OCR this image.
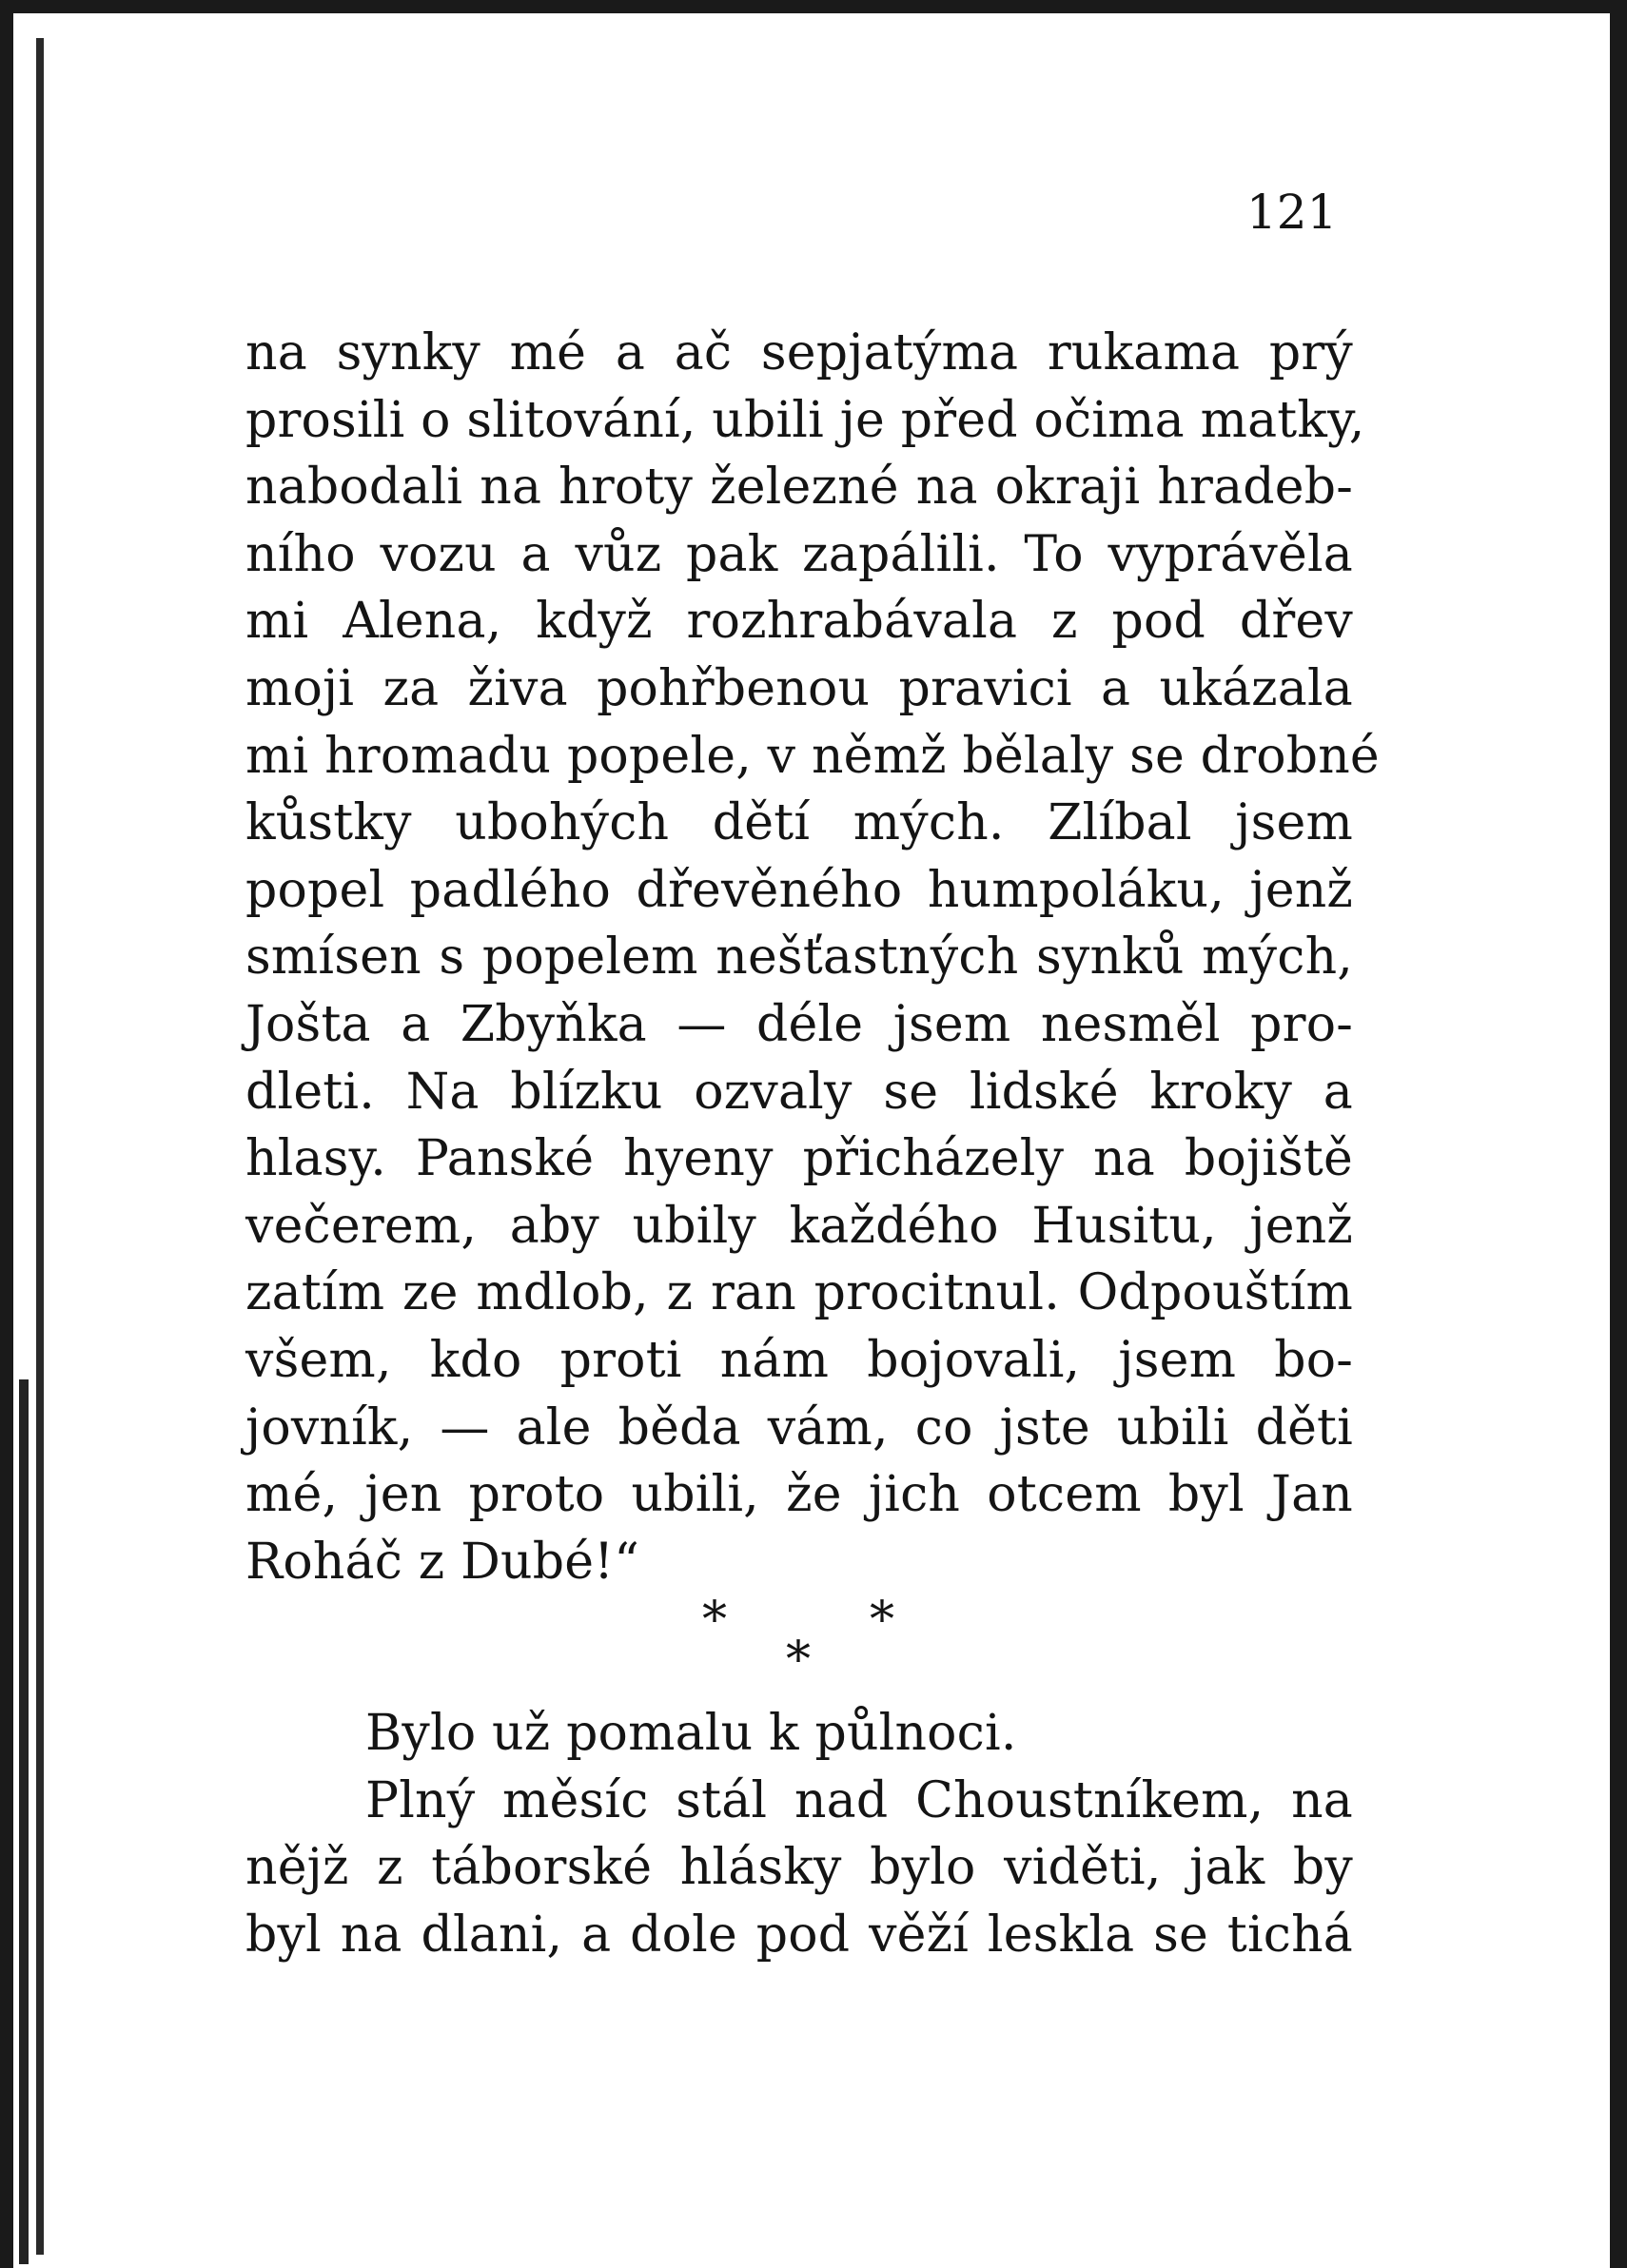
121
na synky mé a ač sepjatýma rukama prý
prosili o slitování, ubili je před očima matky,
nabodali na hroty železné na okraji hradeb-
ního vozu a vůz pak zapálili. To vyprávěla
mi Alena, když rozhrabávala z pod dřev
moji za živa pohřbenou pravici a ukázala
mi hromadu popele, v němž bělaly se drobné
kůstky ubohých dětí mých. Zlíbal jsem
popel padlého dřevěného humpoláku, jenž
smísen s popelem nešťastných synků mých,
Jošta a Zbyňka — déle jsem nesměl pro-
dleti. Na blízku ozvaly se lidské kroky a
hlasy. Panské hyeny přicházely na bojiště
večerem, aby ubily každého Husitu, jenž
zatím ze mdlob, z ran procitnul. Odpouštím
všem, kdo proti nám bojovali, jsem bo-
jovník, — ale běda vám, co jste ubili děti
mé, jen proto ubili, že jich otcem byl Jan
Roháč z Dubé!“
*	*
*
Bylo už pomalu k půlnoci.
Plný měsíc stál nad Choustníkem, na
nějž z táborské hlásky bylo viděti, jak by
byl na dlani, a dole pod věží leskla se tichá
